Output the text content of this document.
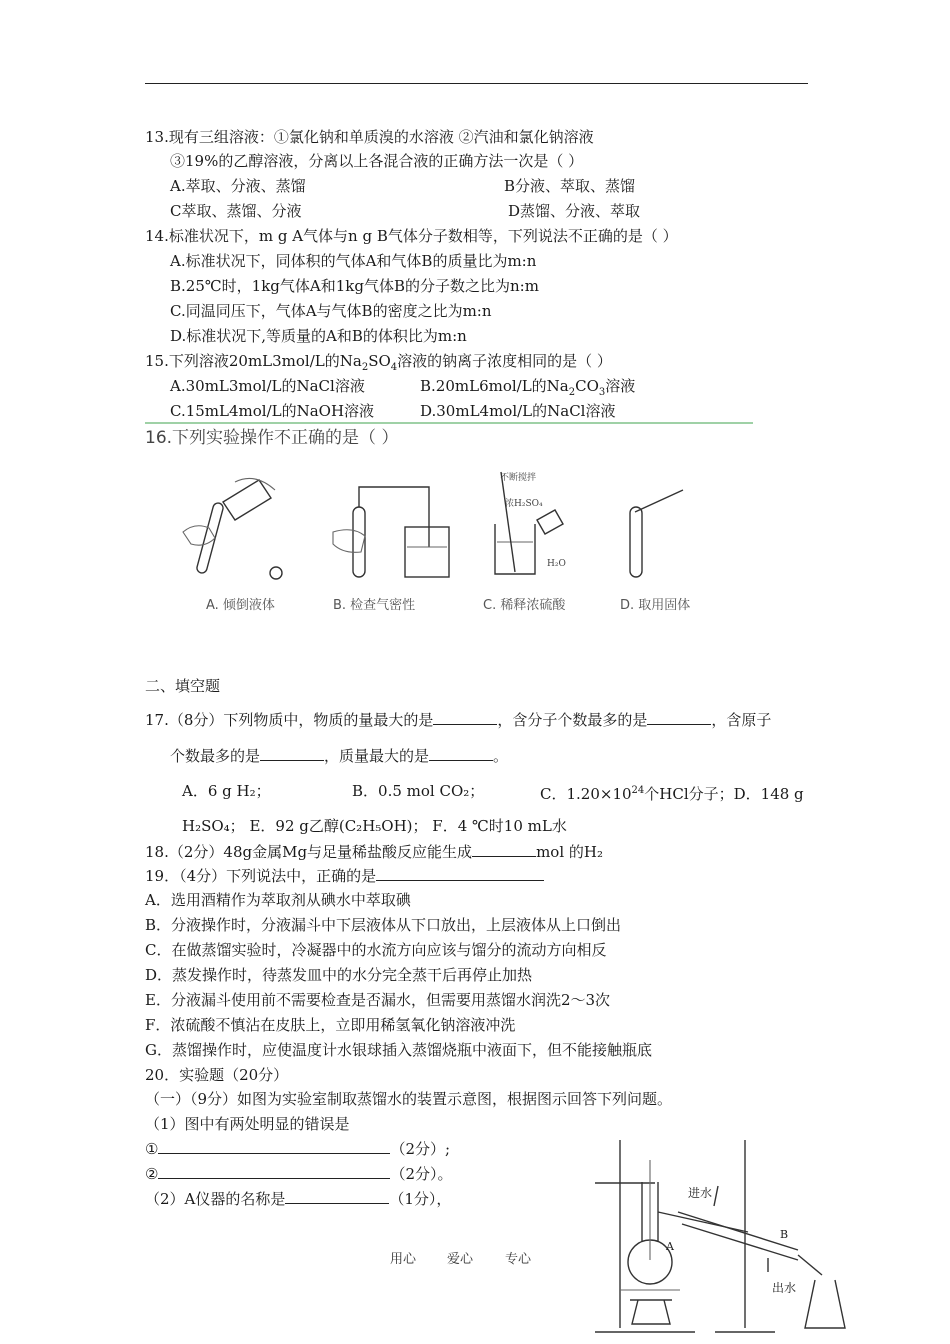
13.现有三组溶液：①氯化钠和单质溴的水溶液 ②汽油和氯化钠溶液
③19%的乙醇溶液，分离以上各混合液的正确方法一次是（ ）
A.萃取、分液、蒸馏	B分液、萃取、蒸馏
C萃取、蒸馏、分液	D蒸馏、分液、萃取
14.标准状况下，m g A气体与n g B气体分子数相等，下列说法不正确的是（ ）
A.标准状况下，同体积的气体A和气体B的质量比为m:n
B.25℃时，1kg气体A和1kg气体B的分子数之比为n:m
C.同温同压下，气体A与气体B的密度之比为m:n
D.标准状况下,等质量的A和B的体积比为m:n
15.下列溶液20mL3mol/L的$Na_2SO_4$溶液的钠离子浓度相同的是（ ）
A.30mL3mol/L的NaCl溶液	B.20mL6mol/L的$Na_2CO_3$溶液
C.15mL4mol/L的NaOH溶液	D.30mL4mol/L的NaCl溶液
16.下列实验操作不正确的是（ ）
不断搅拌
浓H₂SO₄
H₂O
A. 倾倒液体	B. 检查气密性	C. 稀释浓硫酸	D. 取用固体
二、填空题
17.（8分）下列物质中，物质的量最大的是	，含分子个数最多的是	，含原子
个数最多的是	，质量最大的是	。
A．6 g H₂；	B．0.5 mol CO₂；	C．$1.20\times 10^{24}$个HCl分子；D．148 g
H₂SO₄； E．92 g乙醇(C₂H₅OH)； F．4 ℃时10 mL水
18.（2分）48g金属Mg与足量稀盐酸反应能生成	mol 的H₂
19．（4分）下列说法中，正确的是
A．选用酒精作为萃取剂从碘水中萃取碘
B．分液操作时，分液漏斗中下层液体从下口放出，上层液体从上口倒出
C．在做蒸馏实验时，冷凝器中的水流方向应该与馏分的流动方向相反
D．蒸发操作时，待蒸发皿中的水分完全蒸干后再停止加热
E．分液漏斗使用前不需要检查是否漏水，但需要用蒸馏水润洗2～3次
F．浓硫酸不慎沾在皮肤上，立即用稀氢氧化钠溶液冲洗
G．蒸馏操作时，应使温度计水银球插入蒸馏烧瓶中液面下，但不能接触瓶底
20．实验题（20分）
（一）（9分）如图为实验室制取蒸馏水的装置示意图，根据图示回答下列问题。
（1）图中有两处明显的错误是
①	（2分）;
②	（2分）。
（2）A仪器的名称是	（1分），
A
B
进水
出水
用心 爱心 专心
